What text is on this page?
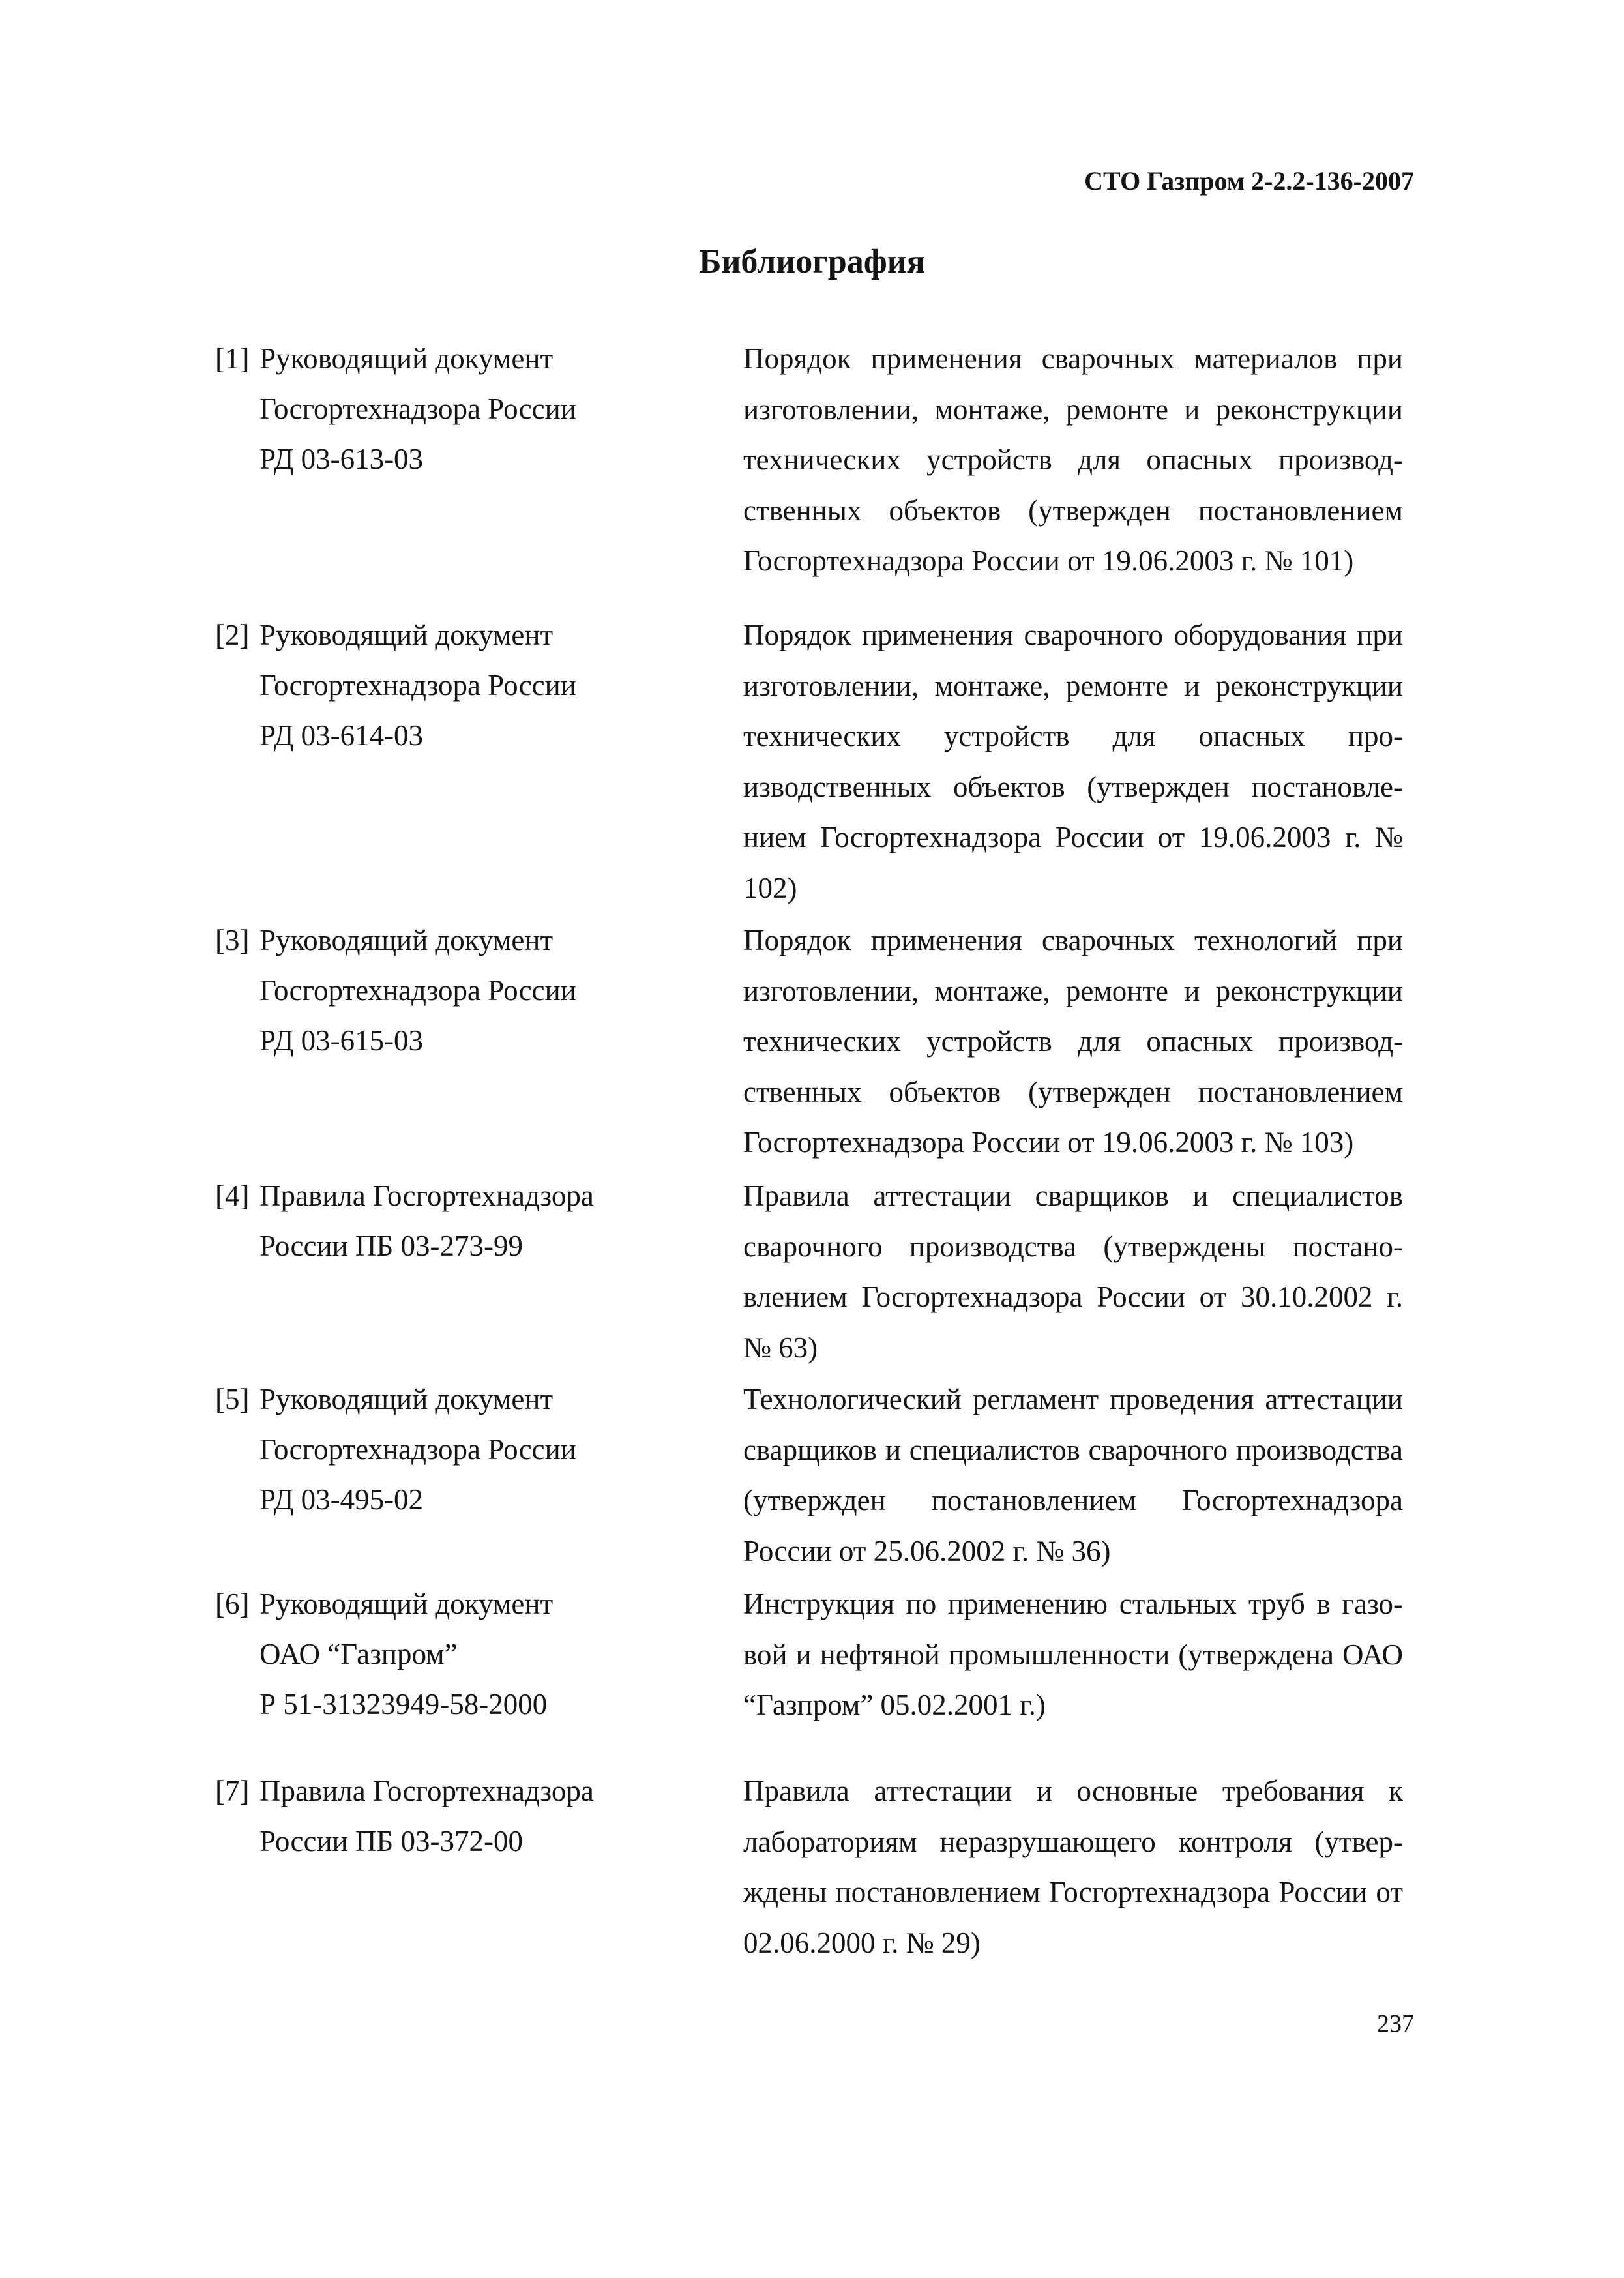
СТО Газпром 2-2.2-136-2007
Библиография
[1] Руководящий документ
Госгортехнадзора России
РД 03-613-03
Порядок применения сварочных материалов при изготовлении, монтаже, ремонте и реконструкции технических устройств для опасных производственных объектов (утвержден постановлением Госгортехнадзора России от 19.06.2003 г. № 101)
[2] Руководящий документ
Госгортехнадзора России
РД 03-614-03
Порядок применения сварочного оборудования при изготовлении, монтаже, ремонте и реконструкции технических устройств для опасных производственных объектов (утвержден постановлением Госгортехнадзора России от 19.06.2003 г. № 102)
[3] Руководящий документ
Госгортехнадзора России
РД 03-615-03
Порядок применения сварочных технологий при изготовлении, монтаже, ремонте и реконструкции технических устройств для опасных производственных объектов (утвержден постановлением Госгортехнадзора России от 19.06.2003 г. № 103)
[4] Правила Госгортехнадзора
России ПБ 03-273-99
Правила аттестации сварщиков и специалистов сварочного производства (утверждены постановлением Госгортехнадзора России от 30.10.2002 г. № 63)
[5] Руководящий документ
Госгортехнадзора России
РД 03-495-02
Технологический регламент проведения аттестации сварщиков и специалистов сварочного производства (утвержден постановлением Госгортехнадзора России от 25.06.2002 г. № 36)
[6] Руководящий документ
ОАО “Газпром”
Р 51-31323949-58-2000
Инструкция по применению стальных труб в газовой и нефтяной промышленности (утверждена ОАО “Газпром” 05.02.2001 г.)
[7] Правила Госгортехнадзора
России ПБ 03-372-00
Правила аттестации и основные требования к лабораториям неразрушающего контроля (утверждены постановлением Госгортехнадзора России от 02.06.2000 г. № 29)
237
